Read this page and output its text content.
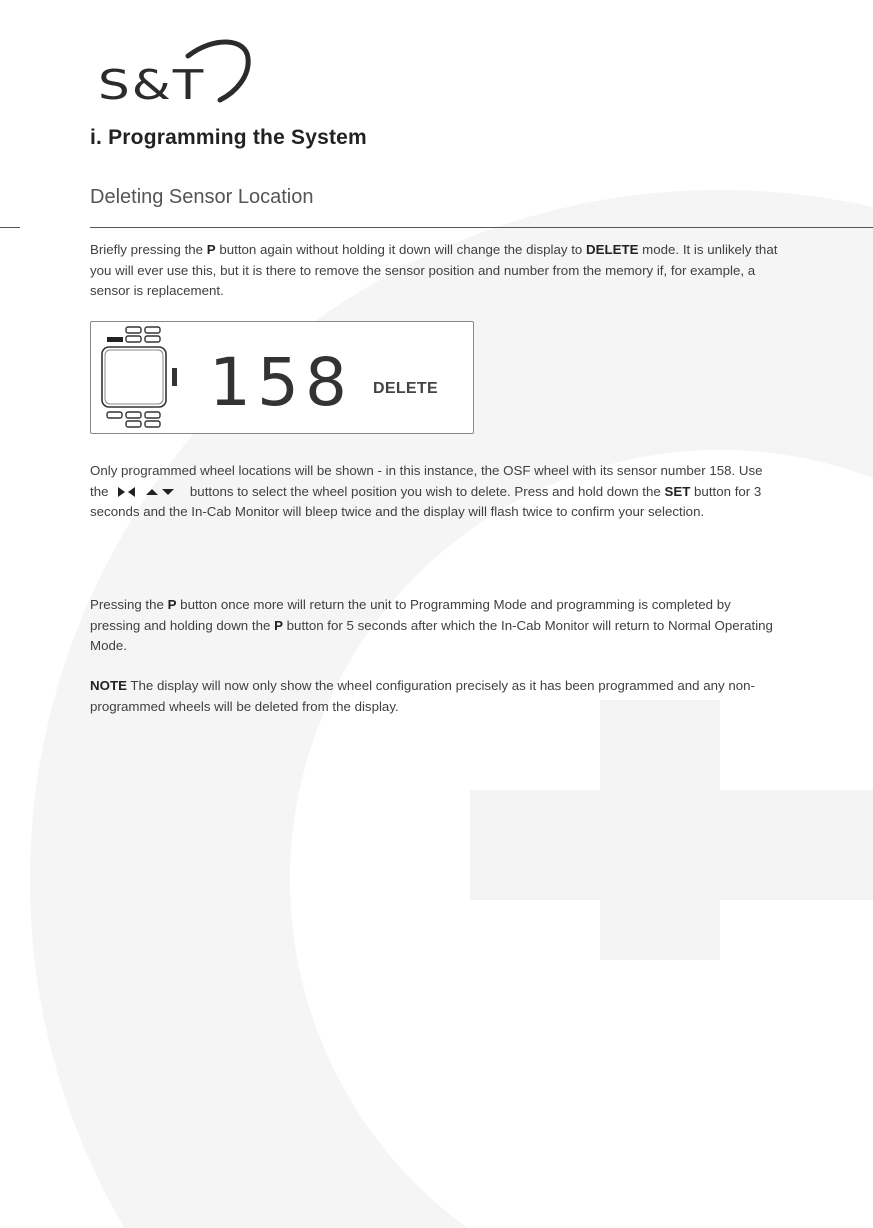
S&T
i. Programming the System
Deleting Sensor Location

Briefly pressing the P button again without holding it down will change the display to DELETE mode. It is unlikely that you will ever use this, but it is there to remove the sensor position and number from the memory if, for example, a sensor is replacement.

158 DELETE

Only programmed wheel locations will be shown - in this instance, the OSF wheel with its sensor number 158. Use the	buttons to select the wheel position you wish to delete. Press and hold down the SET button for 3 seconds and the In-Cab Monitor will bleep twice and the display will flash twice to confirm your selection.

Pressing the P button once more will return the unit to Programming Mode and programming is completed by pressing and holding down the P button for 5 seconds after which the In-Cab Monitor will return to Normal Operating Mode.

NOTE The display will now only show the wheel configuration precisely as it has been programmed and any non-programmed wheels will be deleted from the display.
